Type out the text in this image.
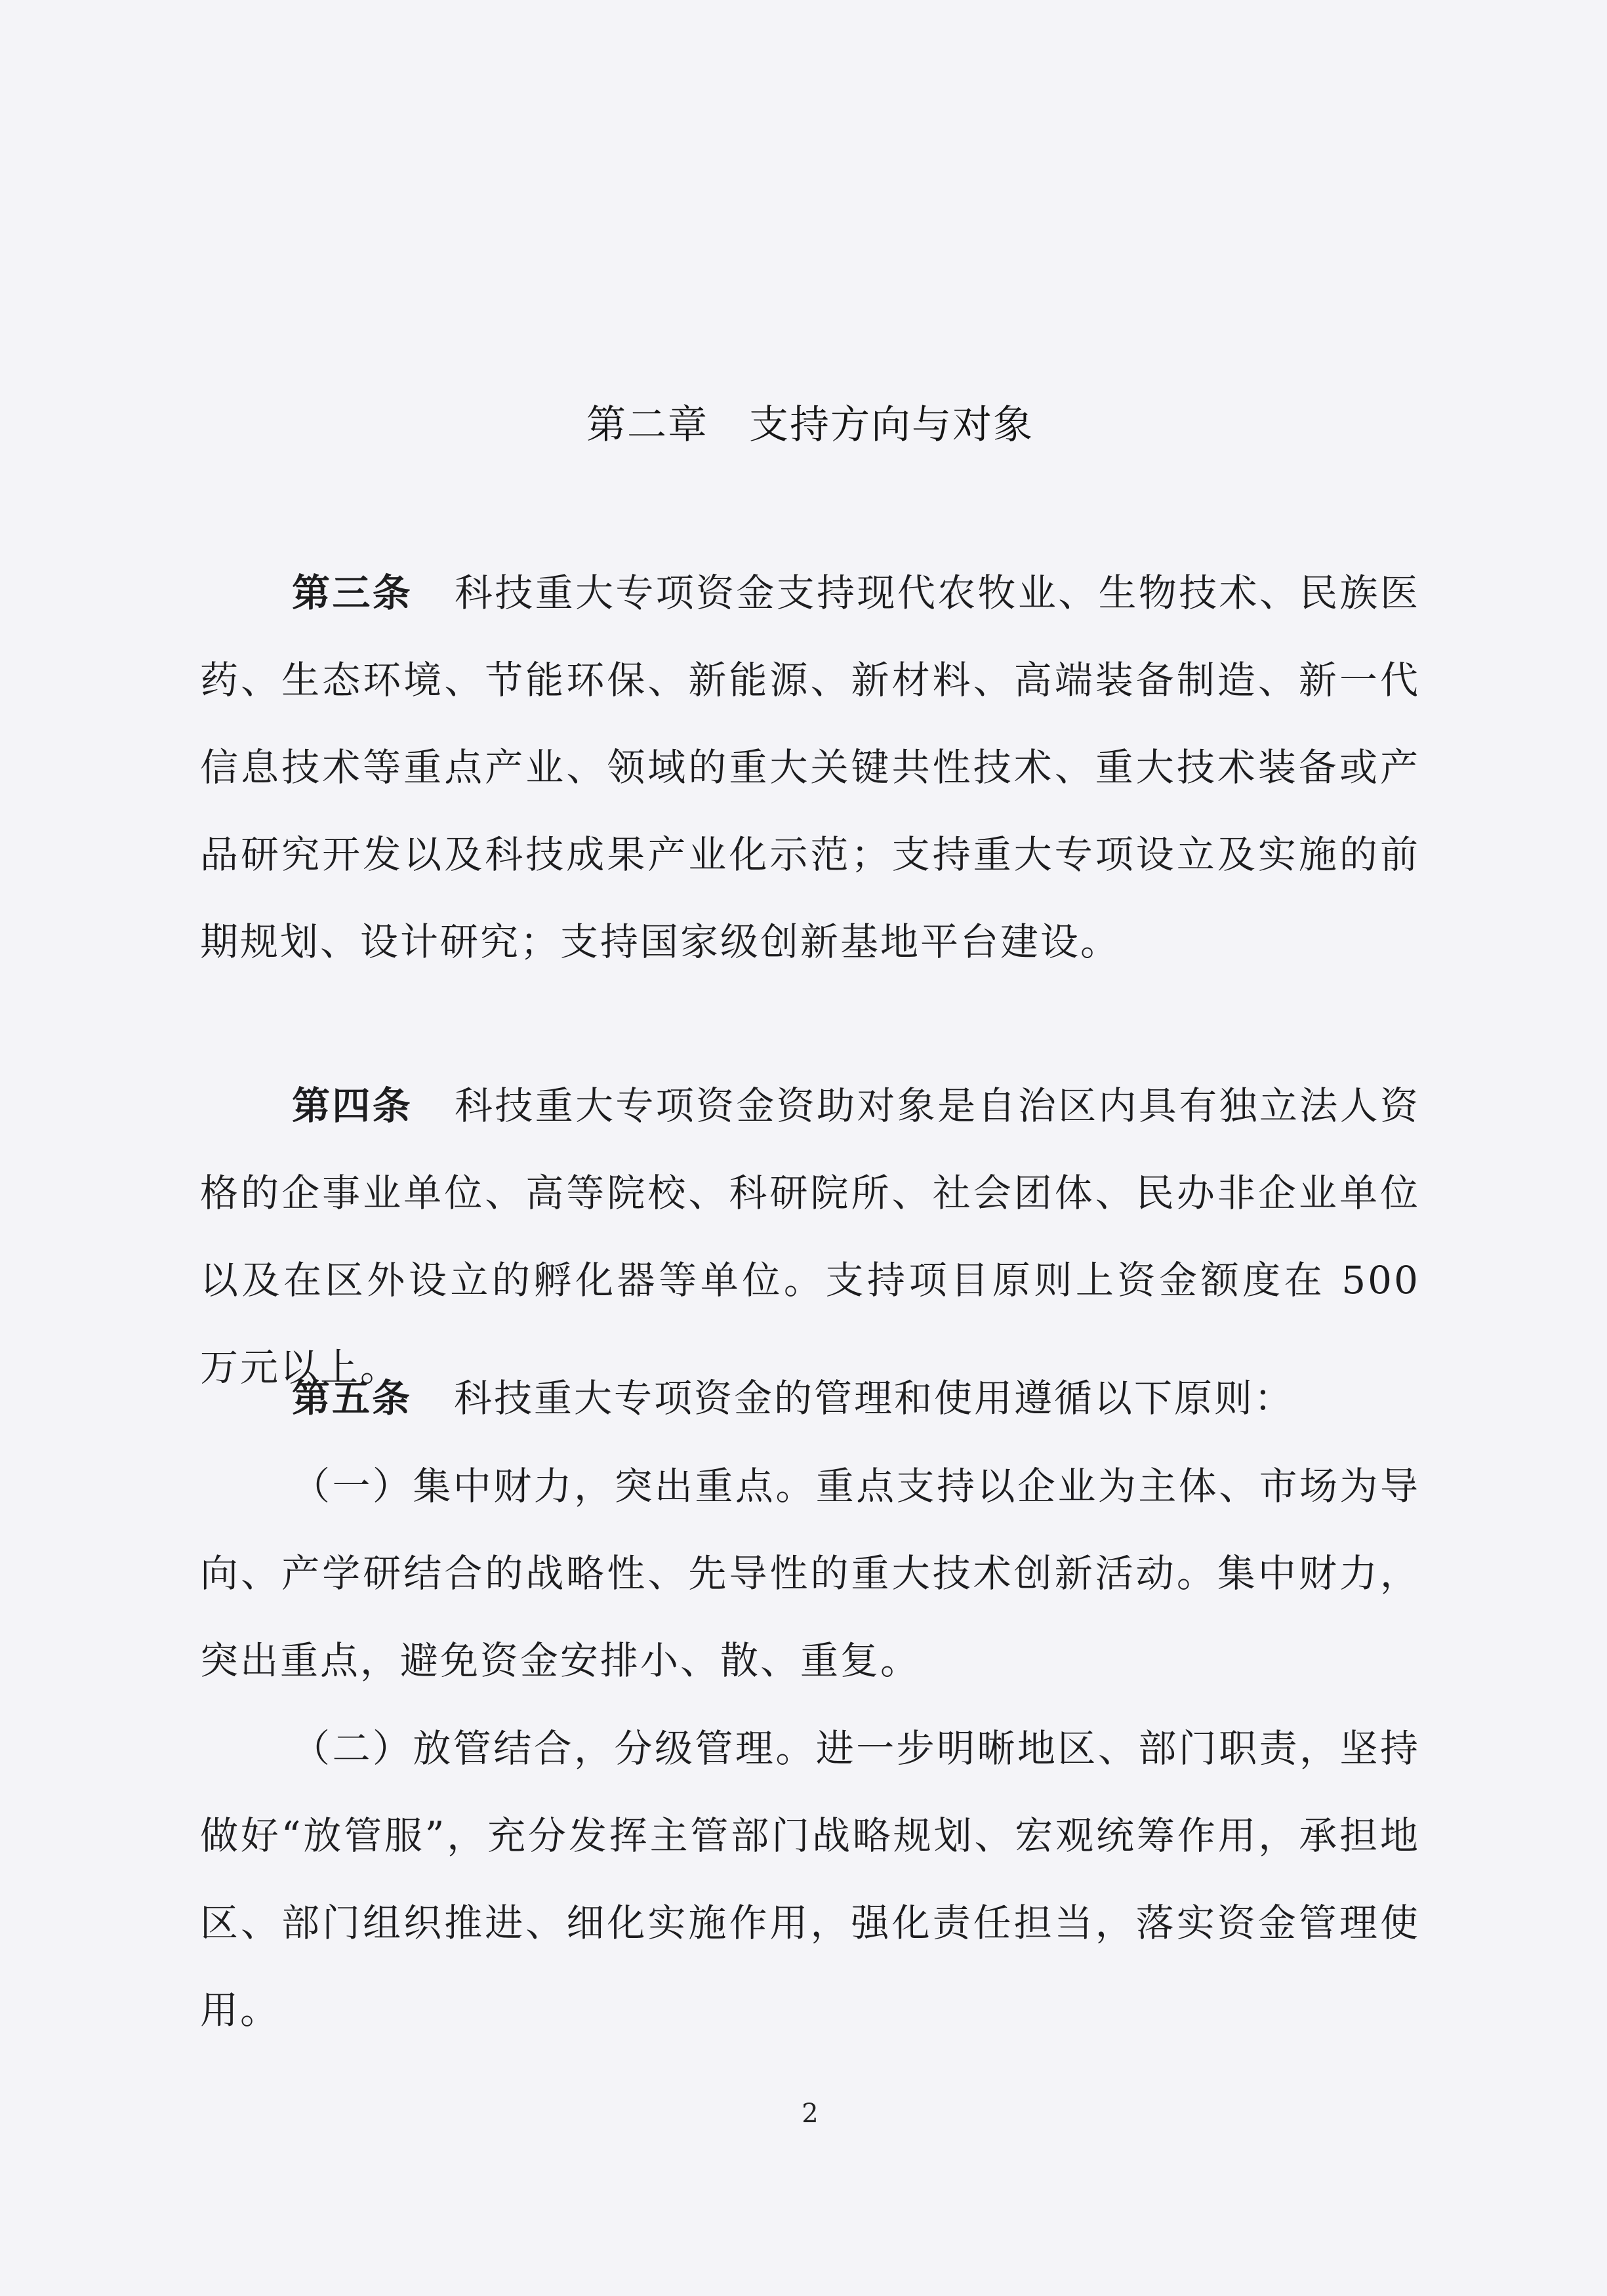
第二章 支持方向与对象

第三条 科技重大专项资金支持现代农牧业、生物技术、民族医药、生态环境、节能环保、新能源、新材料、高端装备制造、新一代信息技术等重点产业、领域的重大关键共性技术、重大技术装备或产品研究开发以及科技成果产业化示范；支持重大专项设立及实施的前期规划、设计研究；支持国家级创新基地平台建设。

第四条 科技重大专项资金资助对象是自治区内具有独立法人资格的企事业单位、高等院校、科研院所、社会团体、民办非企业单位以及在区外设立的孵化器等单位。支持项目原则上资金额度在 500 万元以上。

第五条 科技重大专项资金的管理和使用遵循以下原则：

（一）集中财力，突出重点。重点支持以企业为主体、市场为导向、产学研结合的战略性、先导性的重大技术创新活动。集中财力，突出重点，避免资金安排小、散、重复。

（二）放管结合，分级管理。进一步明晰地区、部门职责，坚持做好“放管服”，充分发挥主管部门战略规划、宏观统筹作用，承担地区、部门组织推进、细化实施作用，强化责任担当，落实资金管理使用。

2
